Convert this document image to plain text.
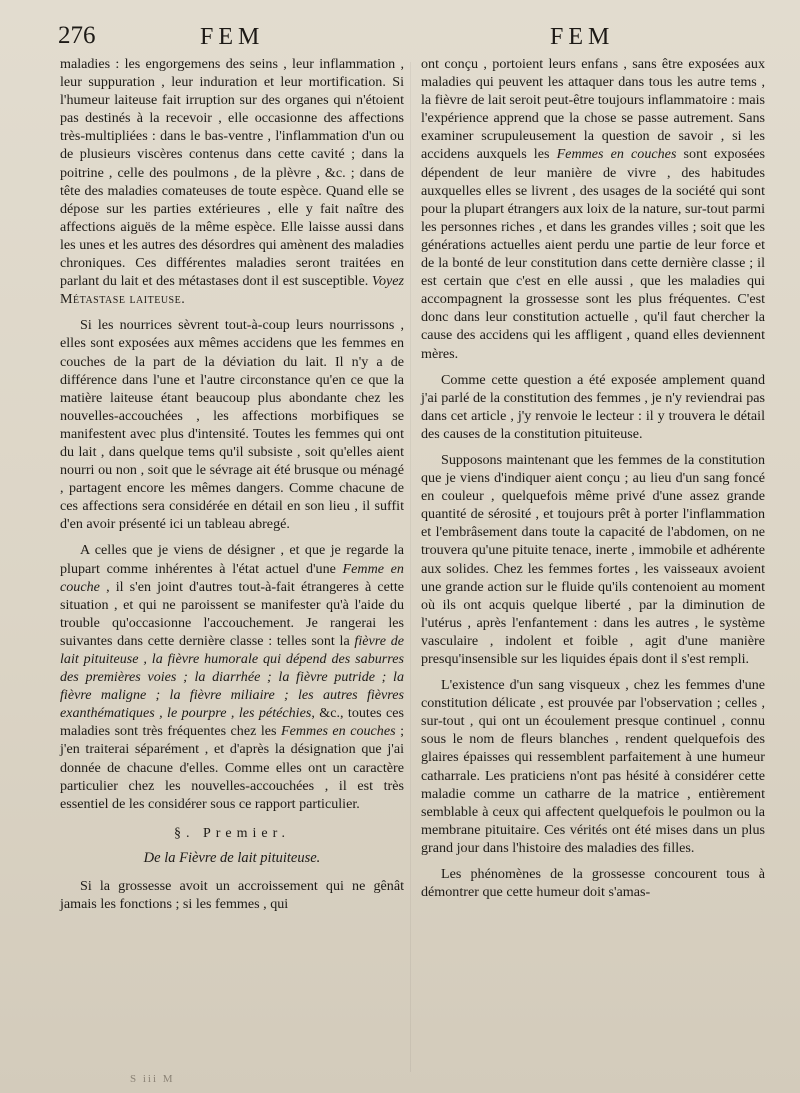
276	FEM	FEM

maladies : les engorgemens des seins , leur inflammation , leur suppuration , leur induration et leur mortification. Si l'humeur laiteuse fait irruption sur des organes qui n'étoient pas destinés à la recevoir , elle occasionne des affections très-multipliées : dans le bas-ventre , l'inflammation d'un ou de plusieurs viscères contenus dans cette cavité ; dans la poitrine , celle des poulmons , de la plèvre , &c. ; dans de tête des maladies comateuses de toute espèce. Quand elle se dépose sur les parties extérieures , elle y fait naître des affections aiguës de la même espèce. Elle laisse aussi dans les unes et les autres des désordres qui amènent des maladies chroniques. Ces différentes maladies seront traitées en parlant du lait et des métastases dont il est susceptible. Voyez Métastase laiteuse.

Si les nourrices sèvrent tout-à-coup leurs nourrissons , elles sont exposées aux mêmes accidens que les femmes en couches de la part de la déviation du lait. Il n'y a de différence dans l'une et l'autre circonstance qu'en ce que la matière laiteuse étant beaucoup plus abondante chez les nouvelles-accouchées , les affections morbifiques se manifestent avec plus d'intensité. Toutes les femmes qui ont du lait , dans quelque tems qu'il subsiste , soit qu'elles aient nourri ou non , soit que le sévrage ait été brusque ou ménagé , partagent encore les mêmes dangers. Comme chacune de ces affections sera considérée en détail en son lieu , il suffit d'en avoir présenté ici un tableau abregé.

A celles que je viens de désigner , et que je regarde la plupart comme inhérentes à l'état actuel d'une Femme en couche , il s'en joint d'autres tout-à-fait étrangeres à cette situation , et qui ne paroissent se manifester qu'à l'aide du trouble qu'occasionne l'accouchement. Je rangerai les suivantes dans cette dernière classe : telles sont la fièvre de lait pituiteuse , la fièvre humorale qui dépend des saburres des premières voies ; la diarrhée ; la fièvre putride ; la fièvre maligne ; la fièvre miliaire ; les autres fièvres exanthématiques , le pourpre , les pétéchies, &c., toutes ces maladies sont très fréquentes chez les Femmes en couches ; j'en traiterai séparément , et d'après la désignation que j'ai donnée de chacune d'elles. Comme elles ont un caractère particulier chez les nouvelles-accouchées , il est très essentiel de les considérer sous ce rapport particulier.

§. Premier.
De la Fièvre de lait pituiteuse.

Si la grossesse avoit un accroissement qui ne gênât jamais les fonctions ; si les femmes , qui

ont conçu , portoient leurs enfans , sans être exposées aux maladies qui peuvent les attaquer dans tous les autre tems , la fièvre de lait seroit peut-être toujours inflammatoire : mais l'expérience apprend que la chose se passe autrement. Sans examiner scrupuleusement la question de savoir , si les accidens auxquels les Femmes en couches sont exposées dépendent de leur manière de vivre , des habitudes auxquelles elles se livrent , des usages de la société qui sont pour la plupart étrangers aux loix de la nature, sur-tout parmi les personnes riches , et dans les grandes villes ; soit que les générations actuelles aient perdu une partie de leur force et de la bonté de leur constitution dans cette dernière classe ; il est certain que c'est en elle aussi , que les maladies qui accompagnent la grossesse sont les plus fréquentes. C'est donc dans leur constitution actuelle , qu'il faut chercher la cause des accidens qui les affligent , quand elles deviennent mères.

Comme cette question a été exposée amplement quand j'ai parlé de la constitution des femmes , je n'y reviendrai pas dans cet article , j'y renvoie le lecteur : il y trouvera le détail des causes de la constitution pituiteuse.

Supposons maintenant que les femmes de la constitution que je viens d'indiquer aient conçu ; au lieu d'un sang foncé en couleur , quelquefois même privé d'une assez grande quantité de sérosité , et toujours prêt à porter l'inflammation et l'embrâsement dans toute la capacité de l'abdomen, on ne trouvera qu'une pituite tenace, inerte , immobile et adhérente aux solides. Chez les femmes fortes , les vaisseaux avoient une grande action sur le fluide qu'ils contenoient au moment où ils ont acquis quelque liberté , par la diminution de l'utérus , après l'enfantement : dans les autres , le système vasculaire , indolent et foible , agit d'une manière presqu'insensible sur les liquides épais dont il s'est rempli.

L'existence d'un sang visqueux , chez les femmes d'une constitution délicate , est prouvée par l'observation ; celles , sur-tout , qui ont un écoulement presque continuel , connu sous le nom de fleurs blanches , rendent quelquefois des glaires épaisses qui ressemblent parfaitement à une humeur catharrale. Les praticiens n'ont pas hésité à considérer cette maladie comme un catharre de la matrice , entièrement semblable à ceux qui affectent quelquefois le poulmon ou la membrane pituitaire. Ces vérités ont été mises dans un plus grand jour dans l'histoire des maladies des filles.

Les phénomènes de la grossesse concourent tous à démontrer que cette humeur doit s'amas-

S iii M
